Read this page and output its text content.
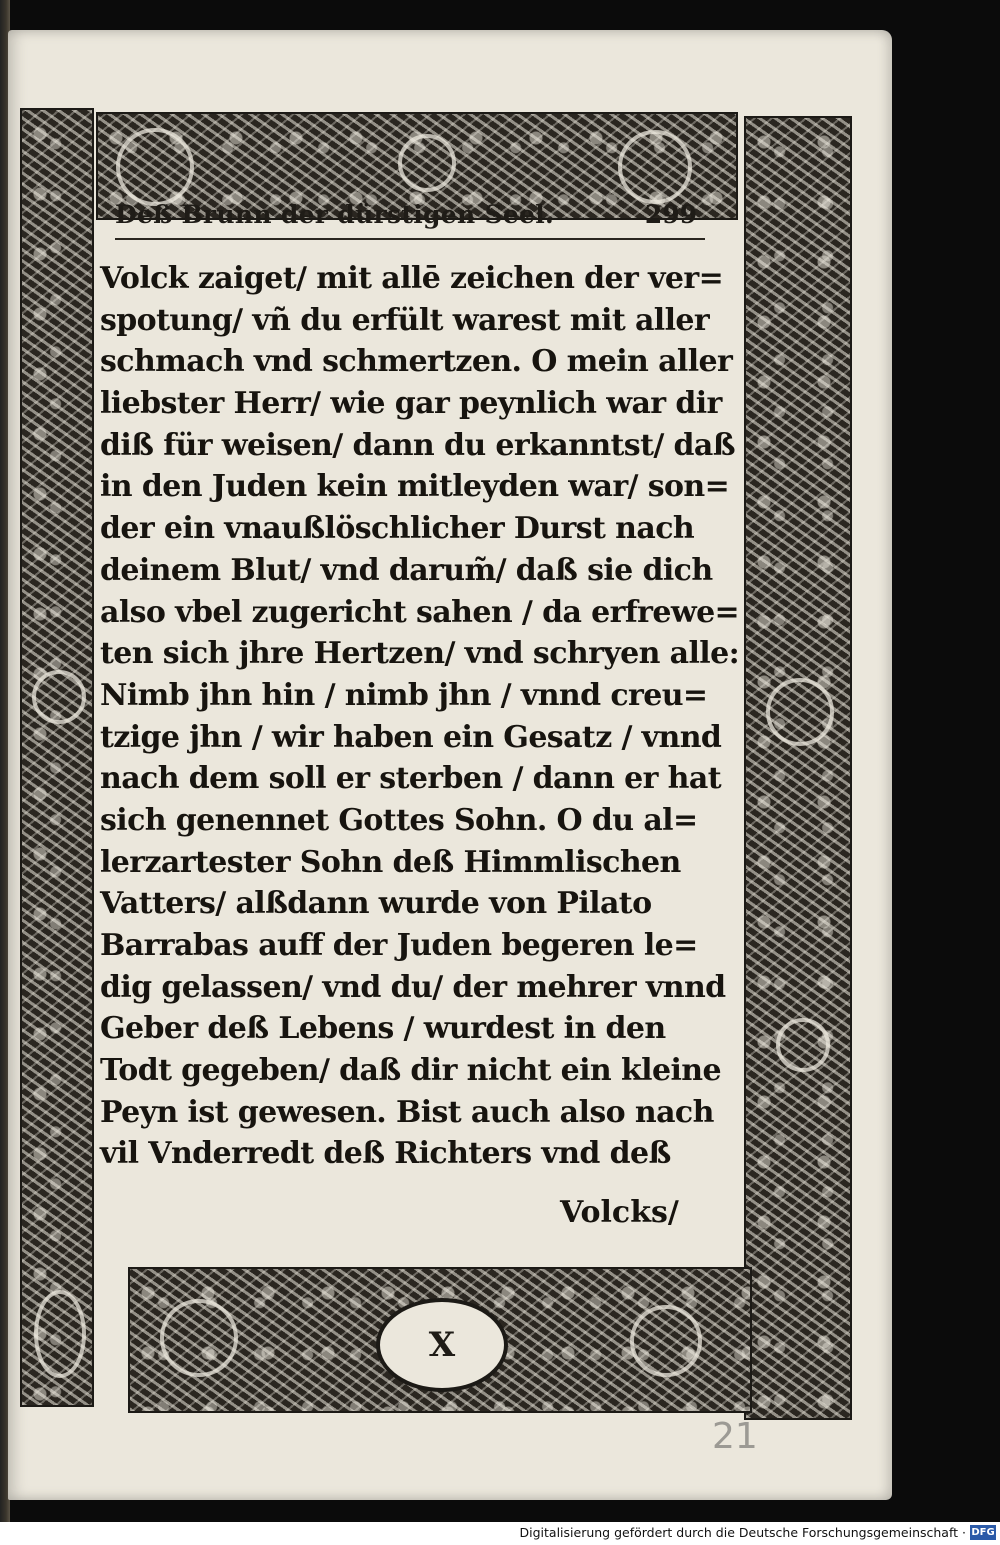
X
Deß Brunn der dürstigen Seel.	299
Volck zaiget/ mit allē zeichen der ver=
spotung/ vñ du erfült warest mit aller
schmach vnd schmertzen. O mein aller
liebster Herr/ wie gar peynlich war dir
diß für weisen/ dann du erkanntst/ daß
in den Juden kein mitleyden war/ son=
der ein vnaußlöschlicher Durst nach
deinem Blut/ vnd darum̃/ daß sie dich
also vbel zugericht sahen / da erfrewe=
ten sich jhre Hertzen/ vnd schryen alle:
Nimb jhn hin / nimb jhn / vnnd creu=
tzige jhn / wir haben ein Gesatz / vnnd
nach dem soll er sterben / dann er hat
sich genennet Gottes Sohn. O du al=
lerzartester Sohn deß Himmlischen
Vatters/ alßdann wurde von Pilato
Barrabas auff der Juden begeren le=
dig gelassen/ vnd du/ der mehrer vnnd
Geber deß Lebens / wurdest in den
Todt gegeben/ daß dir nicht ein kleine
Peyn ist gewesen. Bist auch also nach
vil Vnderredt deß Richters vnd deß
Volcks/
21
Digitalisierung gefördert durch die Deutsche Forschungsgemeinschaft · DFG
